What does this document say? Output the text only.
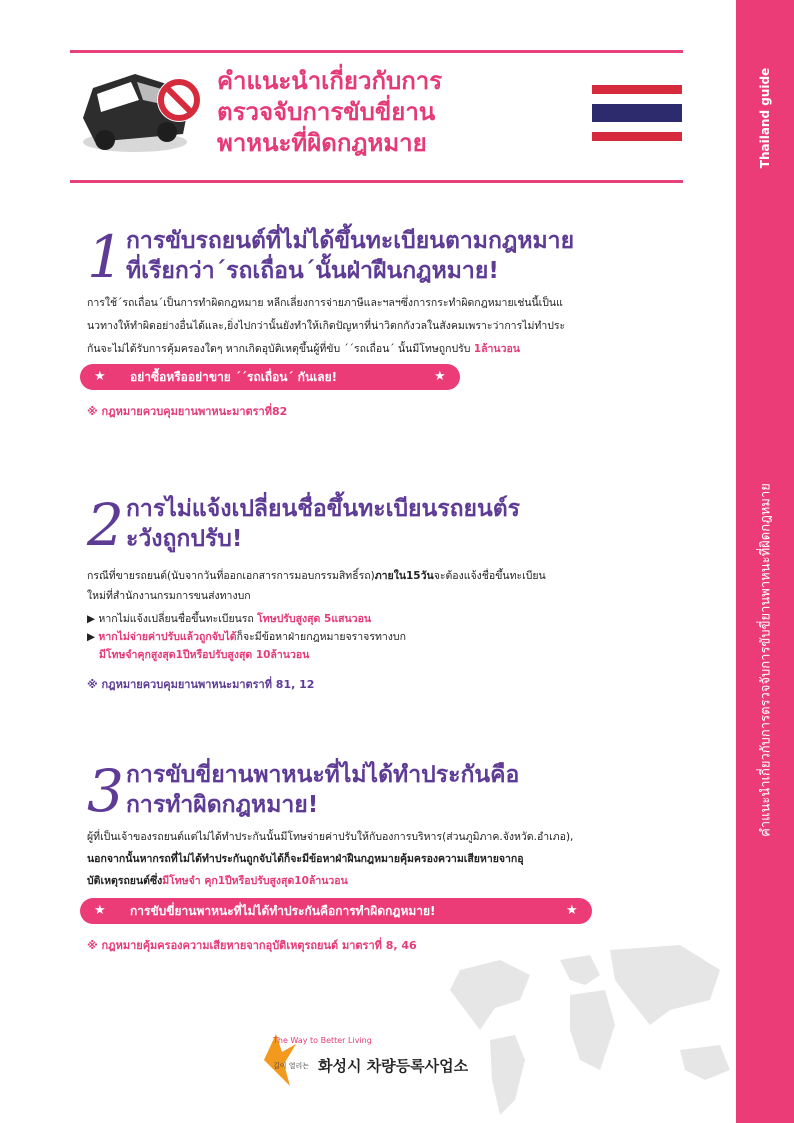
Thailand guide
คำแนะนำเกี่ยวกับการตรวจจับการขับขี่ยานพาหนะที่ผิดกฎหมาย
คำแนะนำเกี่ยวกับการ
ตรวจจับการขับขี่ยาน
พาหนะที่ผิดกฎหมาย
1 การขับรถยนต์ที่ไม่ได้ขึ้นทะเบียนตามกฎหมาย
ที่เรียกว่า´รถเถื่อน´นั้นฝ่าฝืนกฎหมาย!
การใช้´รถเถื่อน´เป็นการทำผิดกฎหมาย หลีกเลี่ยงการจ่ายภาษีและฯลฯซึ่งการกระทำผิดกฎหมายเช่นนี้เป็นแ
นวทางให้ทำผิดอย่างอื่นได้และ,ยิ่งไปกว่านั้นยังทำให้เกิดปัญหาที่น่าวิตกกังวลในสังคมเพราะว่าการไม่ทำประ
กันจะไม่ได้รับการคุ้มครองใดๆ หากเกิดอุบัติเหตุขึ้นผู้ที่ขับ ´´รถเถื่อน´ นั้นมีโทษถูกปรับ 1ล้านวอน
★ อย่าซื้อหรืออย่าขาย ´´รถเถื่อน´ กันเลย!	★
※ กฎหมายควบคุมยานพาหนะมาตราที่82
2 การไม่แจ้งเปลี่ยนชื่อขึ้นทะเบียนรถยนต์ร
ะวังถูกปรับ!
กรณีที่ขายรถยนต์(นับจากวันที่ออกเอกสารการมอบกรรมสิทธิ์รถ)ภายใน15วันจะต้องแจ้งชื่อขึ้นทะเบียน
ใหม่ที่สำนักงานกรมการขนส่งทางบก
▶ หากไม่แจ้งเปลี่ยนชื่อขึ้นทะเบียนรถ โทษปรับสูงสุด 5แสนวอน
▶ หากไม่จ่ายค่าปรับแล้วถูกจับได้ก็จะมีข้อหาฝ่ายกฎหมายจราจรทางบก
มีโทษจำคุกสูงสุด1ปีหรือปรับสูงสุด 10ล้านวอน
※ กฎหมายควบคุมยานพาหนะมาตราที่ 81, 12
3 การขับขี่ยานพาหนะที่ไม่ได้ทำประกันคือ
การทำผิดกฎหมาย!
ผู้ที่เป็นเจ้าของรถยนต์แต่ไม่ได้ทำประกันนั้นมีโทษจ่ายค่าปรับให้กับองการบริหาร(ส่วนภูมิภาค.จังหวัด.อำเภอ),
นอกจากนั้นหากรถที่ไม่ได้ทำประกันถูกจับได้ก็จะมีข้อหาฝ่าฝืนกฎหมายคุ้มครองความเสียหายจากอุ
บัติเหตุรถยนต์ซึ่งมีโทษจำ คุก1ปีหรือปรับสูงสุด10ล้านวอน
★ การขับขี่ยานพาหนะที่ไม่ได้ทำประกันคือการทำผิดกฎหมาย!	★
※ กฎหมายคุ้มครองความเสียหายจากอุบัติเหตุรถยนต์ มาตราที่ 8, 46
The Way to Better Living
길이 열리는 화성시 차량등록사업소
